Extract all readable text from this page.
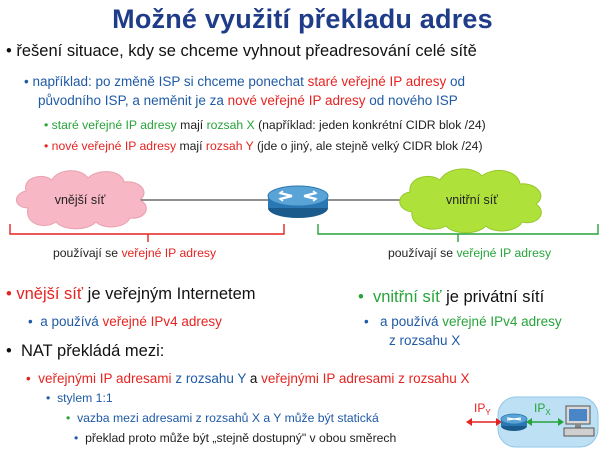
Možné využití překladu adres
• řešení situace, kdy se chceme vyhnout přeadresování celé sítě
• například: po změně ISP si chceme ponechat staré veřejné IP adresy od
původního ISP, a neměnit je za nové veřejné IP adresy od nového ISP
• staré veřejné IP adresy mají rozsah X (například: jeden konkrétní CIDR blok /24)
• nové veřejné IP adresy mají rozsah Y (jde o jiný, ale stejně velký CIDR blok /24)
vnější síť	vnitřní síť
používají se veřejné IP adresy	používají se veřejné IP adresy
• vnější síť je veřejným Internetem
• a používá veřejné IPv4 adresy
• vnitřní síť je privátní sítí
• a používá veřejné IPv4 adresy
z rozsahu X
• NAT překládá mezi:
• veřejnými IP adresami z rozsahu Y a veřejnými IP adresami z rozsahu X
• stylem 1:1
• vazba mezi adresami z rozsahů X a Y může být statická
• překlad proto může být „stejně dostupný" v obou směrech
$IP_Y$	$IP_X$
